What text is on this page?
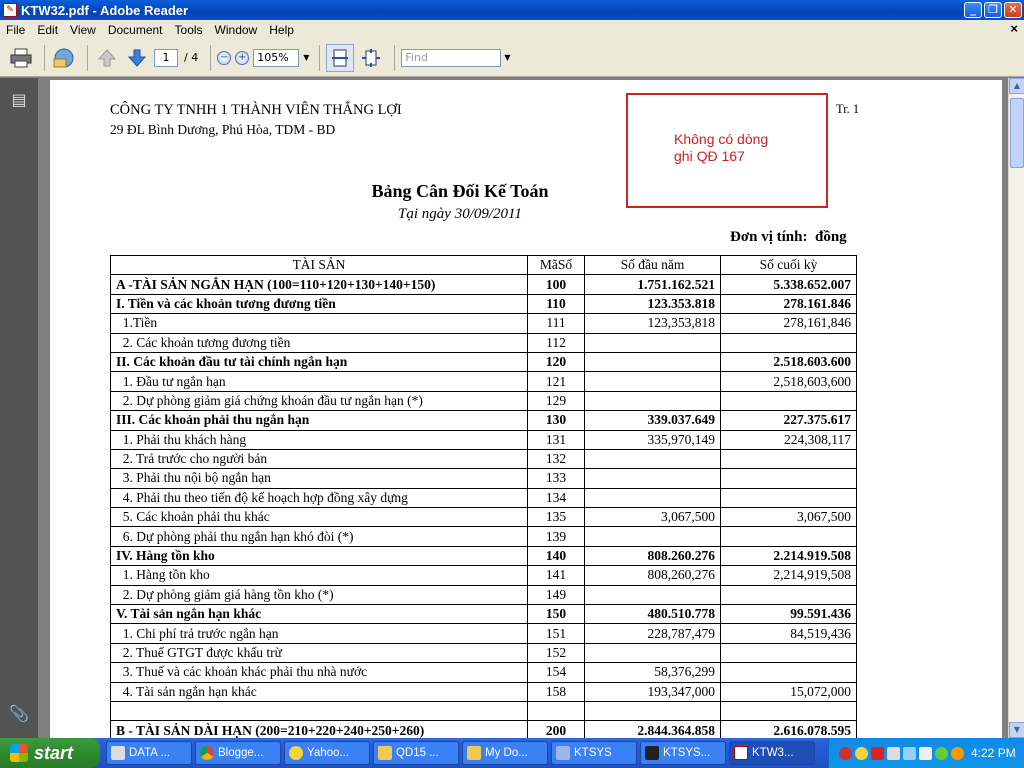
✎ KTW32.pdf - Adobe Reader	_	❐ ✕
File	Edit	View	Document	Tools	Window	Help	×
1	/ 4 − + 105%	▼	Find	▼
▤
📎
CÔNG TY TNHH 1 THÀNH VIÊN THẮNG LỢI
29 ĐL Bình Dương, Phú Hòa, TDM - BD
Không có dòng
ghi QĐ 167
Tr. 1
Bảng Cân Đối Kế Toán
Tại ngày 30/09/2011
Đơn vị tính:  đồng
TÀI SẢN	MãSố	Số đầu năm	Số cuối kỳ
A -TÀI SẢN NGẮN HẠN (100=110+120+130+140+150)	100	1.751.162.521	5.338.652.007
I. Tiền và các khoản tương đương tiền	110	123.353.818	278.161.846
1.Tiền	111	123,353,818	278,161,846
2. Các khoản tương đương tiền	112		
II. Các khoản đầu tư tài chính ngắn hạn	120		2.518.603.600
1. Đầu tư ngắn hạn	121		2,518,603,600
2. Dự phòng giảm giá chứng khoán đầu tư ngắn hạn (*)	129		
III. Các khoản phải thu ngắn hạn	130	339.037.649	227.375.617
1. Phải thu khách hàng	131	335,970,149	224,308,117
2. Trả trước cho người bán	132		
3. Phải thu nội bộ ngắn hạn	133		
4. Phải thu theo tiến độ kế hoạch hợp đồng xây dựng	134		
5. Các khoản phải thu khác	135	3,067,500	3,067,500
6. Dự phòng phải thu ngắn hạn khó đòi (*)	139		
IV. Hàng tồn kho	140	808.260.276	2.214.919.508
1. Hàng tồn kho	141	808,260,276	2,214,919,508
2. Dự phòng giảm giá hàng tồn kho (*)	149		
V. Tài sản ngắn hạn khác	150	480.510.778	99.591.436
1. Chi phí trả trước ngắn hạn	151	228,787,479	84,519,436
2. Thuế GTGT được khấu trừ	152		
3. Thuế và các khoản khác phải thu nhà nước	154	58,376,299	
4. Tài sản ngắn hạn khác	158	193,347,000	15,072,000

B - TÀI SẢN DÀI HẠN (200=210+220+240+250+260)	200	2.844.364.858	2.616.078.595
▲
▼
start	DATA ...	Blogge...	Yahoo...	QD15 ...	My Do...	KTSYS	KTSYS...	KTW3...	4:22 PM
